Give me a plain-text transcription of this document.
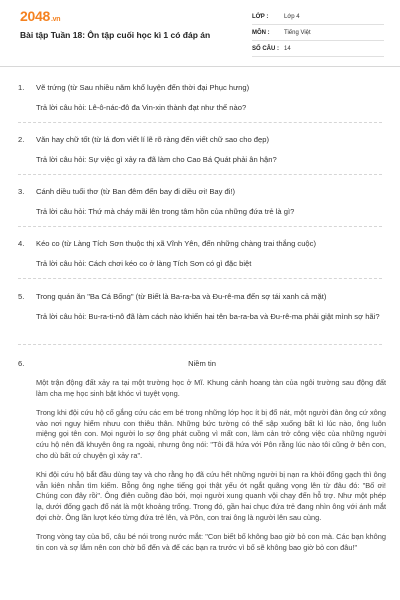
2048.vn
Bài tập Tuần 18: Ôn tập cuối học kì 1 có đáp án
LỚP :	Lớp 4
MÔN :	Tiếng Việt
SỐ CÂU : 14
1.	Vẽ trứng (từ Sau nhiều năm khổ luyện đến thời đại Phục hưng)
Trả lời câu hỏi: Lê-ô-nác-đô đa Vin-xin thành đạt như thế nào?
2.	Văn hay chữ tốt (từ lá đơn viết lí lẽ rõ ràng đến viết chữ sao cho đẹp)
Trả lời câu hỏi: Sự việc gì xảy ra đã làm cho Cao Bá Quát phải ân hận?
3.	Cánh diều tuổi thơ (từ Ban đêm đến bay đi diều ơi! Bay đi!)
Trả lời câu hỏi: Thứ mà cháy mãi lên trong tâm hồn của những đứa trẻ là gì?
4.	Kéo co (từ Làng Tích Sơn thuộc thị xã Vĩnh Yên, đến những chàng trai thắng cuộc)
Trả lời câu hỏi: Cách chơi kéo co ở làng Tích Sơn có gì đặc biệt
5.	Trong quán ăn "Ba Cá Bống" (từ Biết là Ba-ra-ba và Đu-rê-ma đến sợ tái xanh cả mặt)
Trả lời câu hỏi: Bu-ra-ti-nô đã làm cách nào khiến hai tên ba-ra-ba và Đu-rê-ma phải giật mình sợ hãi?
6.	Niềm tin
Một trận động đất xảy ra tại một trường học ở Mĩ. Khung cảnh hoang tàn của ngôi trường sau động đất làm cha mẹ học sinh bật khóc vì tuyệt vọng.
Trong khi đội cứu hộ cố gắng cứu các em bé trong những lớp học ít bị đổ nát, một người đàn ông cứ xông vào nơi nguy hiểm nhưu con thiêu thân. Những bức tường có thể sập xuống bất kì lúc nào, ông luôn miệng gọi tên con. Mọi người lo sợ ông phát cuồng vì mất con, làm cản trở công việc của những người cứu hộ nên đã khuyên ông ra ngoài, nhưng ông nói: "Tôi đã hứa với Pôn rằng lúc nào tôi cũng ở bên con, cho dù bất cứ chuyện gì xảy ra".
Khi đội cứu hộ bắt đầu dùng tay và cho rằng họ đã cứu hết những người bị nạn ra khỏi đống gạch thì ông vẫn kiên nhẫn tìm kiếm. Bỗng ông nghe tiếng gọi thật yếu ớt ngắt quãng vọng lên từ đâu đó: "Bố ơi! Chúng con đây rồi". Ông điên cuồng đào bới, mọi người xung quanh vội chạy đến hỗ trợ. Như một phép lạ, dưới đống gạch đổ nát là một khoảng trống. Trong đó, gần hai chục đứa trẻ đang nhìn ông với ánh mắt đợi chờ. Ông lần lượt kéo từng đứa trẻ lên, và Pôn, con trai ông là người lên sau cùng.
Trong vòng tay của bố, câu bé nói trong nước mắt: "Con biết bố không bao giờ bỏ con mà. Các bạn không tin con và sợ lắm nên con chờ bố đến và để các bạn ra trước vì bố sẽ không bao giờ bỏ con đâu!"
